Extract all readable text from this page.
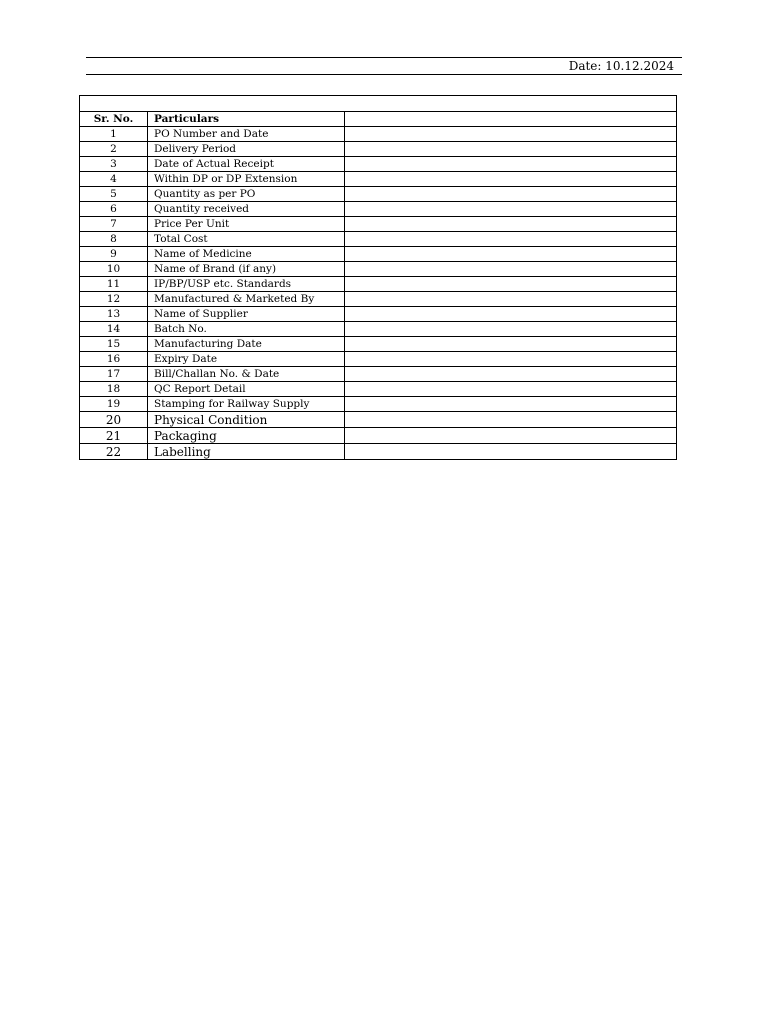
Date: 10.12.2024

Sr. No.	Particulars	
1	PO Number and Date	
2	Delivery Period	
3	Date of Actual Receipt	
4	Within DP or DP Extension	
5	Quantity as per PO	
6	Quantity received	
7	Price Per Unit	
8	Total Cost	
9	Name of Medicine	
10	Name of Brand (if any)	
11	IP/BP/USP etc. Standards	
12	Manufactured & Marketed By	
13	Name of Supplier	
14	Batch No.	
15	Manufacturing Date	
16	Expiry Date	
17	Bill/Challan No. & Date	
18	QC Report Detail	
19	Stamping for Railway Supply	
20	Physical Condition	
21	Packaging	
22	Labelling	
